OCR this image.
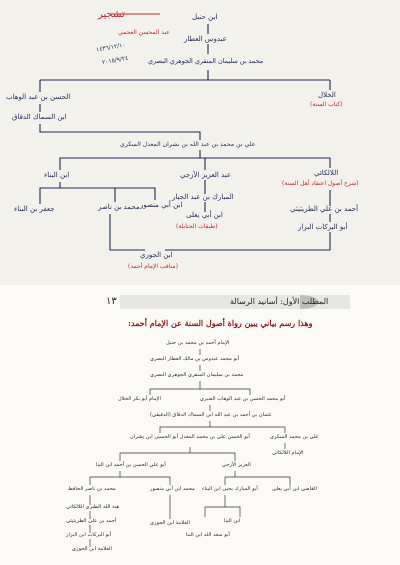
تشجير
عبد المحسن العجمي
١٤٣٦/١٢/١٠
٢٠١٥/٩/٢٤
ابن حنبل
عبدوس العطار
محمد بن سليمان المنقري الجوهري البصري
الحسن بن عبد الوهاب
ابن السماك الدقاق
الخلال
(كتاب السنة)
علي بن محمد بن عبد الله بن بشران المعدل السكري
اللالكائي
(شرح أصول اعتقاد أهل السنة)
عبد العزيز الأزجي
المبارك بن عبد الجبار
ابن أبي يعلى
(طبقات الحنابلة)
ابن البناء
جعفر بن البناء	محمد بن ناصر ابن أبي منصور	أحمد بن علي الطريثيثي
أبو البركات البزار
ابن الجوزي
(مناقب الإمام أحمد)
١٣	المطلب الأول: أسانيد الرسالة
وهذا رسم بياني يبين رواة أصول السنة عن الإمام أحمد:
الإمام أحمد بن محمد بن حنبل
أبو محمد عبدوس بن مالك العطار البصري
محمد بن سليمان المنقري الجوهري البصري
أبو محمد الحسن بن عبد الوهاب العنبري
الإمام أبو بكر الخلال
عثمان بن أحمد بن عبد الله ابن السماك الدقاق (الدقيقي)
أبو الحسن علي بن محمد المعدل أبو الحسين ابن بشران	علي بن محمد السكري
الإمام اللالكائي
أبو علي الحسن بن أحمد ابن البنا	العزيز الأزجي
محمد بن ناصر الحافظ
هبة الله الطبري اللالكائي
أحمد بن علي الطريثيثي
أبو البركات ابن البزار
العلامة ابن الجوزي
محمد ابن أبي منصور
العلامة ابن الجوزي
أبو المبارك يحيى ابن البناء	القاضي ابن أبي يعلى
ابن البنا
أبو سعد الله ابن البنا
